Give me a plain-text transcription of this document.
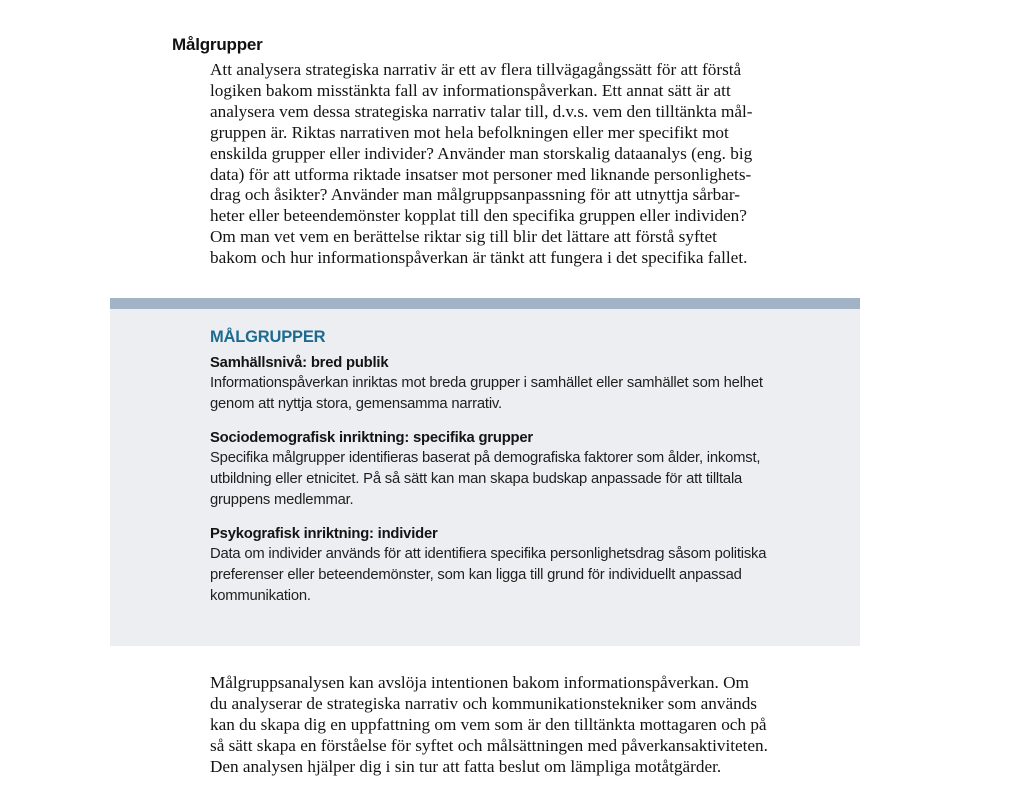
Målgrupper

Att analysera strategiska narrativ är ett av flera tillvägagångssätt för att förstå
logiken bakom misstänkta fall av informationspåverkan. Ett annat sätt är att
analysera vem dessa strategiska narrativ talar till, d.v.s. vem den tilltänkta mål-
gruppen är. Riktas narrativen mot hela befolkningen eller mer specifikt mot
enskilda grupper eller individer? Använder man storskalig dataanalys (eng. big
data) för att utforma riktade insatser mot personer med liknande personlighets-
drag och åsikter? Använder man målgruppsanpassning för att utnyttja sårbar-
heter eller beteendemönster kopplat till den specifika gruppen eller individen?
Om man vet vem en berättelse riktar sig till blir det lättare att förstå syftet
bakom och hur informationspåverkan är tänkt att fungera i det specifika fallet.

MÅLGRUPPER

Samhällsnivå: bred publik

Informationspåverkan inriktas mot breda grupper i samhället eller samhället som helhet
genom att nyttja stora, gemensamma narrativ.

Sociodemografisk inriktning: specifika grupper

Specifika målgrupper identifieras baserat på demografiska faktorer som ålder, inkomst,
utbildning eller etnicitet. På så sätt kan man skapa budskap anpassade för att tilltala
gruppens medlemmar.

Psykografisk inriktning: individer

Data om individer används för att identifiera specifika personlighetsdrag såsom politiska
preferenser eller beteendemönster, som kan ligga till grund för individuellt anpassad
kommunikation.

Målgruppsanalysen kan avslöja intentionen bakom informationspåverkan. Om
du analyserar de strategiska narrativ och kommunikationstekniker som används
kan du skapa dig en uppfattning om vem som är den tilltänkta mottagaren och på
så sätt skapa en förståelse för syftet och målsättningen med påverkansaktiviteten.
Den analysen hjälper dig i sin tur att fatta beslut om lämpliga motåtgärder.
